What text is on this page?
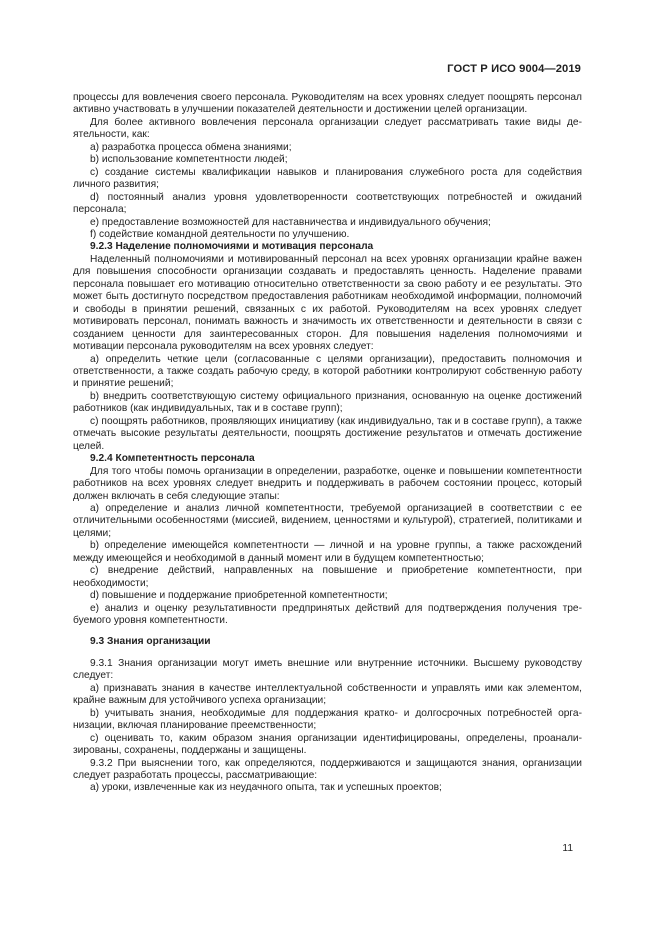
ГОСТ Р ИСО 9004—2019

процессы для вовлечения своего персонала. Руководителям на всех уровнях следует поощрять персонал активно участвовать в улучшении показателей деятельности и достижении целей организации.

Для более активного вовлечения персонала организации следует рассматривать такие виды деятельности, как:

a) разработка процесса обмена знаниями;

b) использование компетентности людей;

c) создание системы квалификации навыков и планирования служебного роста для содействия личного развития;

d) постоянный анализ уровня удовлетворенности соответствующих потребностей и ожиданий персонала;

e) предоставление возможностей для наставничества и индивидуального обучения;

f) содействие командной деятельности по улучшению.

9.2.3 Наделение полномочиями и мотивация персонала

Наделенный полномочиями и мотивированный персонал на всех уровнях организации крайне важен для повышения способности организации создавать и предоставлять ценность. Наделение правами персонала повышает его мотивацию относительно ответственности за свою работу и ее результаты. Это может быть достигнуто посредством предоставления работникам необходимой информации, полномочий и свободы в принятии решений, связанных с их работой. Руководителям на всех уровнях следует мотивировать персонал, понимать важность и значимость их ответственности и деятельности в связи с созданием ценности для заинтересованных сторон. Для повышения наделения полномочиями и мотивации персонала руководителям на всех уровнях следует:

a) определить четкие цели (согласованные с целями организации), предоставить полномочия и ответственности, а также создать рабочую среду, в которой работники контролируют собственную работу и принятие решений;

b) внедрить соответствующую систему официального признания, основанную на оценке достижений работников (как индивидуальных, так и в составе групп);

c) поощрять работников, проявляющих инициативу (как индивидуально, так и в составе групп), а также отмечать высокие результаты деятельности, поощрять достижение результатов и отмечать достижение целей.

9.2.4 Компетентность персонала

Для того чтобы помочь организации в определении, разработке, оценке и повышении компетентности работников на всех уровнях следует внедрить и поддерживать в рабочем состоянии процесс, который должен включать в себя следующие этапы:

a) определение и анализ личной компетентности, требуемой организацией в соответствии с ее отличительными особенностями (миссией, видением, ценностями и культурой), стратегией, политиками и целями;

b) определение имеющейся компетентности — личной и на уровне группы, а также расхождений между имеющейся и необходимой в данный момент или в будущем компетентностью;

c) внедрение действий, направленных на повышение и приобретение компетентности, при необходимости;

d) повышение и поддержание приобретенной компетентности;

e) анализ и оценку результативности предпринятых действий для подтверждения получения требуемого уровня компетентности.

9.3 Знания организации

9.3.1 Знания организации могут иметь внешние или внутренние источники. Высшему руководству следует:

a) признавать знания в качестве интеллектуальной собственности и управлять ими как элементом, крайне важным для устойчивого успеха организации;

b) учитывать знания, необходимые для поддержания кратко- и долгосрочных потребностей организации, включая планирование преемственности;

c) оценивать то, каким образом знания организации идентифицированы, определены, проанализированы, сохранены, поддержаны и защищены.

9.3.2 При выяснении того, как определяются, поддерживаются и защищаются знания, организации следует разработать процессы, рассматривающие:

a) уроки, извлеченные как из неудачного опыта, так и успешных проектов;

11
